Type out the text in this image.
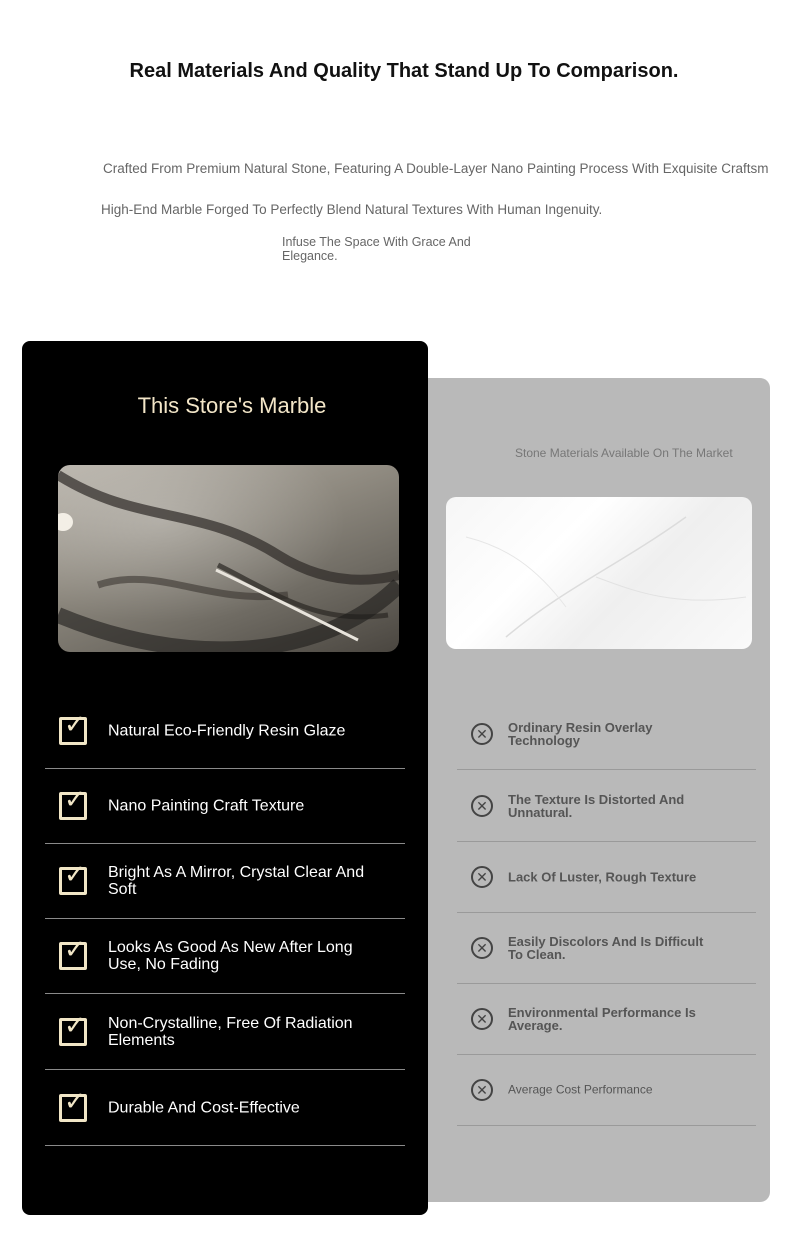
Real Materials And Quality That Stand Up To Comparison.
Crafted From Premium Natural Stone, Featuring A Double-Layer Nano Painting Process With Exquisite Craftsm
High-End Marble Forged To Perfectly Blend Natural Textures With Human Ingenuity.
Infuse The Space With Grace And Elegance.
Stone Materials Available On The Market
✕	Ordinary Resin Overlay Technology
✕	The Texture Is Distorted And Unnatural.
✕	Lack Of Luster, Rough Texture
✕	Easily Discolors And Is Difficult To Clean.
✕	Environmental Performance Is Average.
✕	Average Cost Performance
This Store's Marble
✓ Natural Eco-Friendly Resin Glaze
✓ Nano Painting Craft Texture
✓ Bright As A Mirror, Crystal Clear And Soft
✓ Looks As Good As New After Long Use, No Fading
✓ Non-Crystalline, Free Of Radiation Elements
✓ Durable And Cost-Effective
